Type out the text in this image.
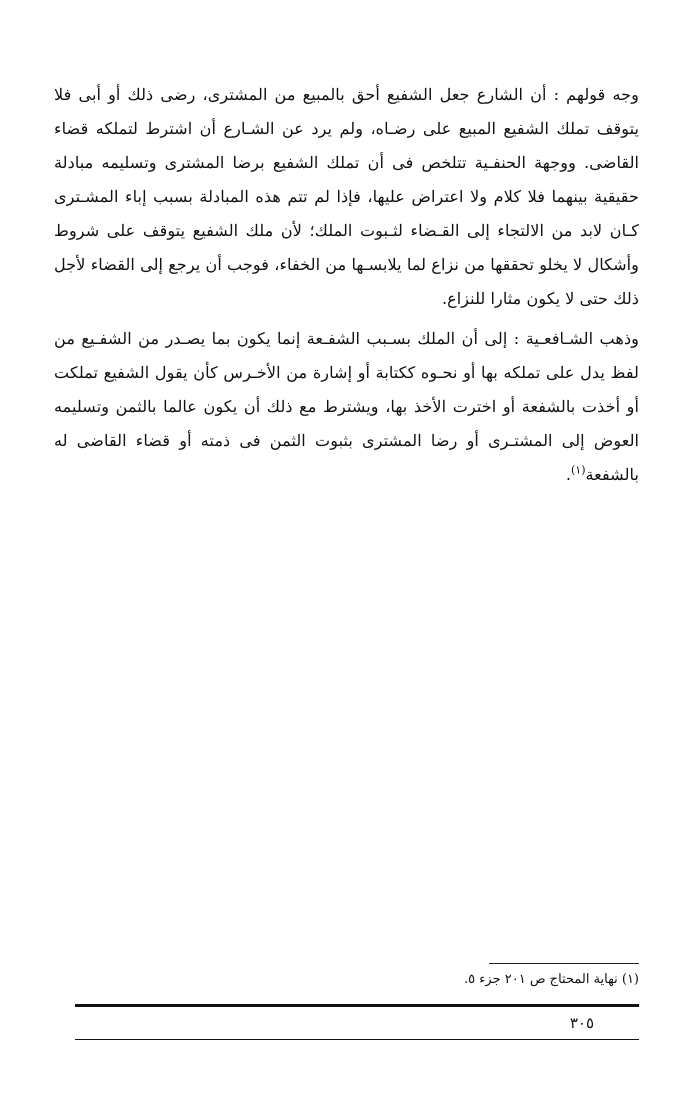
وجه قولهم : أن الشارع جعل الشفيع أحق بالمبيع من المشترى، رضى ذلك أو أبى فلا يتوقف تملك الشفيع المبيع على رضـاه، ولم يرد عن الشـارع أن اشترط لتملكه قضاء القاضى. ووجهة الحنفـية تتلخص فى أن تملك الشفيع برضا المشترى وتسليمه مبادلة حقيقية بينهما فلا كلام ولا اعتراض عليها، فإذا لم تتم هذه المبادلة بسبب إباء المشـترى كـان لابد من الالتجاء إلى القـضاء لثـبوت الملك؛ لأن ملك الشفيع يتوقف على شروط وأشكال لا يخلو تحققها من نزاع لما يلابسـها من الخفاء، فوجب أن يرجع إلى القضاء لأجل ذلك حتى لا يكون مثارا للنزاع.

وذهب الشـافعـية : إلى أن الملك بسـبب الشفـعة إنما يكون بما يصـدر من الشفـيع من لفظ يدل على تملكه بها أو نحـوه ككتابة أو إشارة من الأخـرس كأن يقول الشفيع تملكت أو أخذت بالشفعة أو اخترت الأخذ بها، ويشترط مع ذلك أن يكون عالما بالثمن وتسليمه العوض إلى المشتـرى أو رضا المشترى بثبوت الثمن فى ذمته أو قضاء القاضى له بالشفعة$^{(١)}$.

(١) نهاية المحتاج ص ٢٠١ جزء ٥.
٣٠٥
